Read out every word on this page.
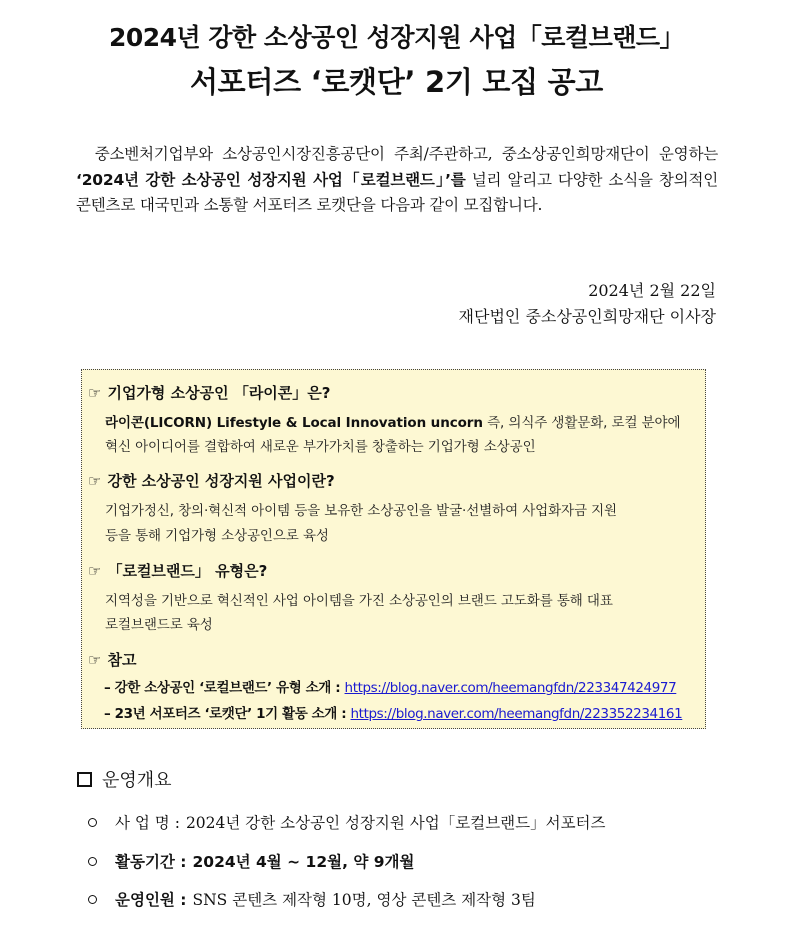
2024년 강한 소상공인 성장지원 사업「로컬브랜드」
서포터즈 ‘로캣단’ 2기 모집 공고
중소벤처기업부와 소상공인시장진흥공단이 주최/주관하고, 중소상공인희망재단이 운영하는 ‘2024년 강한 소상공인 성장지원 사업「로컬브랜드」’를 널리 알리고 다양한 소식을 창의적인 콘텐츠로 대국민과 소통할 서포터즈 로캣단을 다음과 같이 모집합니다.
2024년 2월 22일
재단법인 중소상공인희망재단 이사장
☞ 기업가형 소상공인 「라이콘」은?
라이콘(LICORN) Lifestyle & Local Innovation uncorn 즉, 의식주 생활문화, 로컬 분야에
혁신 아이디어를 결합하여 새로운 부가가치를 창출하는 기업가형 소상공인
☞ 강한 소상공인 성장지원 사업이란?
기업가정신, 창의·혁신적 아이템 등을 보유한 소상공인을 발굴·선별하여 사업화자금 지원
등을 통해 기업가형 소상공인으로 육성
☞ 「로컬브랜드」 유형은?
지역성을 기반으로 혁신적인 사업 아이템을 가진 소상공인의 브랜드 고도화를 통해 대표
로컬브랜드로 육성
☞ 참고
– 강한 소상공인 ‘로컬브랜드’ 유형 소개 : https://blog.naver.com/heemangfdn/223347424977
– 23년 서포터즈 ‘로캣단’ 1기 활동 소개 : https://blog.naver.com/heemangfdn/223352234161
운영개요
사 업 명 : 2024년 강한 소상공인 성장지원 사업「로컬브랜드」서포터즈
활동기간 : 2024년 4월 ~ 12월, 약 9개월
운영인원 : SNS 콘텐츠 제작형 10명, 영상 콘텐츠 제작형 3팀
